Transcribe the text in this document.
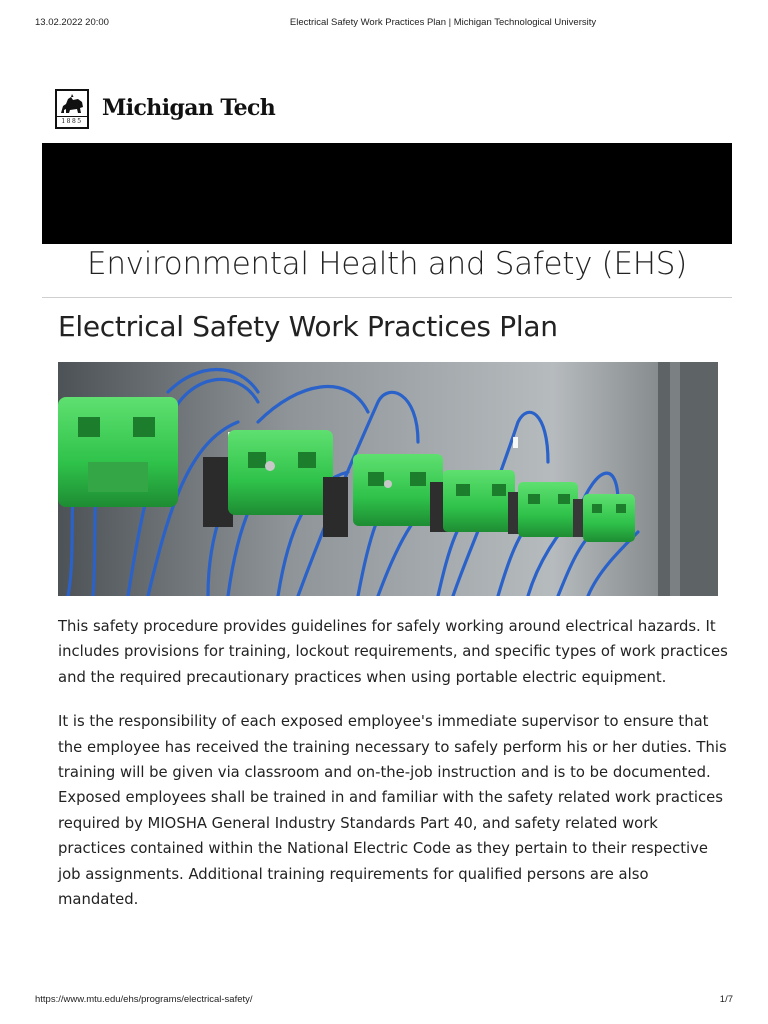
13.02.2022 20:00	Electrical Safety Work Practices Plan | Michigan Technological University
1885
Michigan Tech
Environmental Health and Safety (EHS)
Electrical Safety Work Practices Plan

This safety procedure provides guidelines for safely working around electrical hazards. It includes provisions for training, lockout requirements, and specific types of work practices and the required precautionary practices when using portable electric equipment.

It is the responsibility of each exposed employee's immediate supervisor to ensure that the employee has received the training necessary to safely perform his or her duties. This training will be given via classroom and on-the-job instruction and is to be documented. Exposed employees shall be trained in and familiar with the safety related work practices required by MIOSHA General Industry Standards Part 40, and safety related work practices contained within the National Electric Code as they pertain to their respective job assignments. Additional training requirements for qualified persons are also mandated.

https://www.mtu.edu/ehs/programs/electrical-safety/	1/7
